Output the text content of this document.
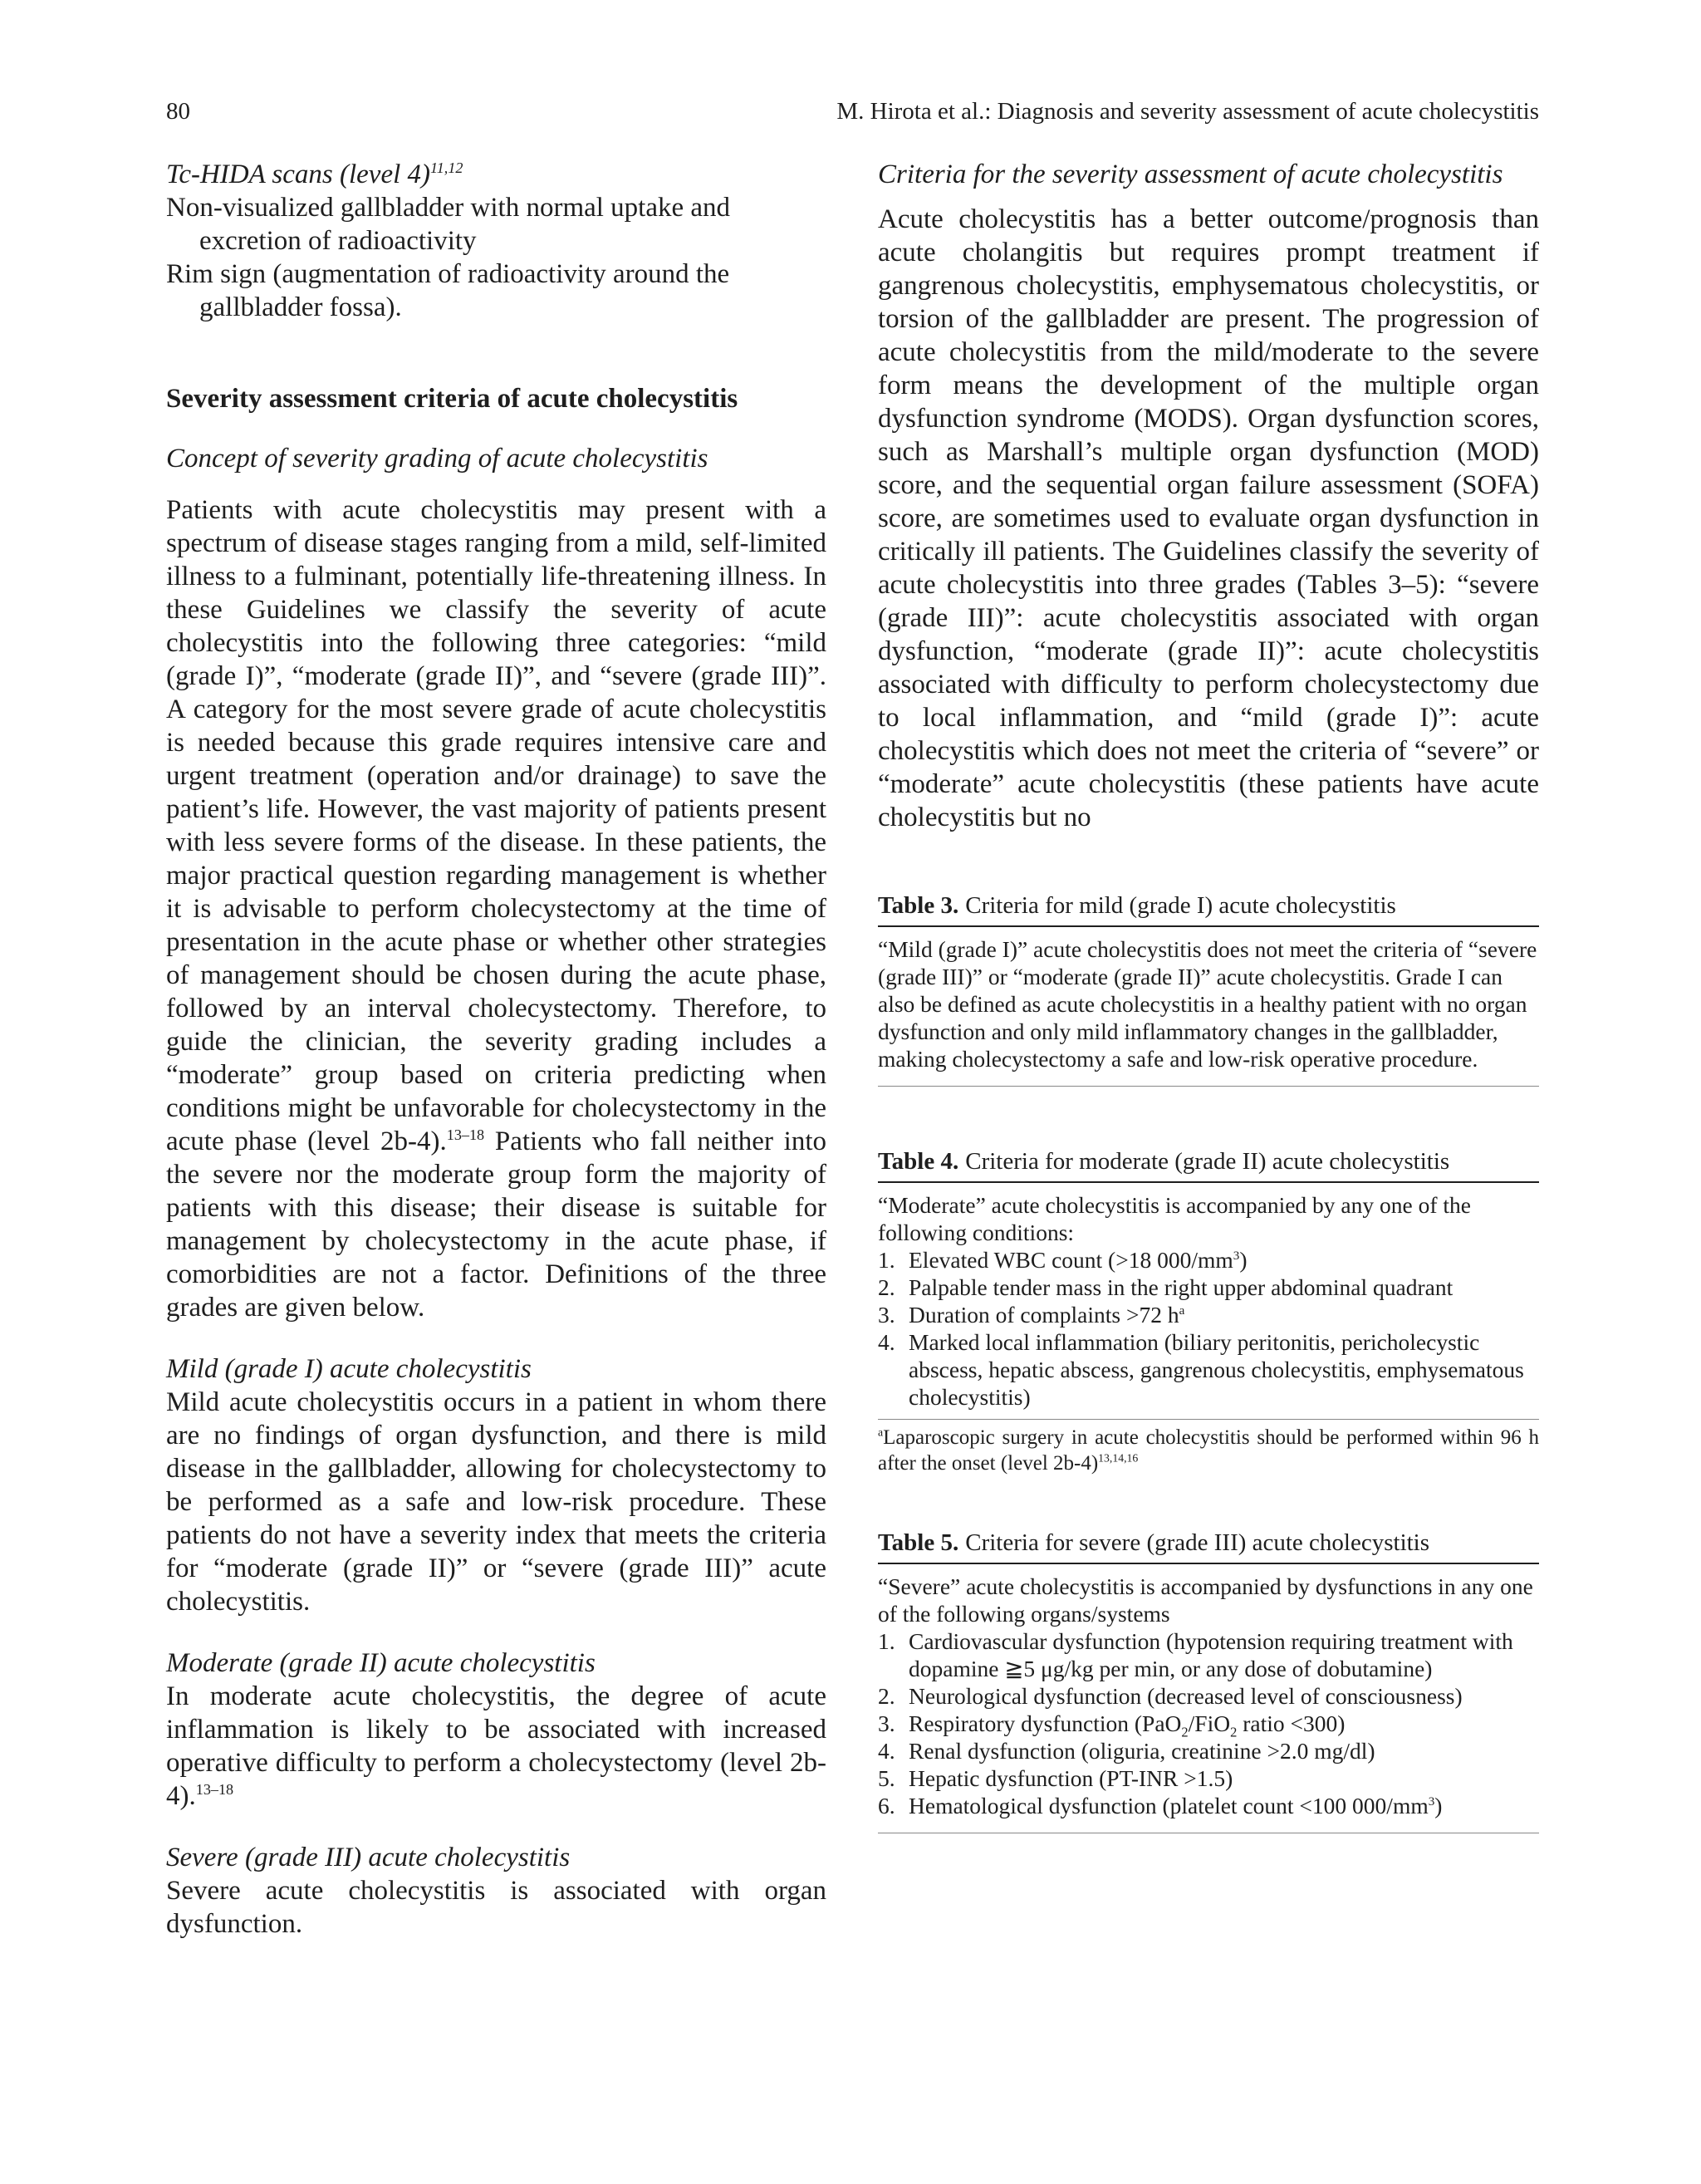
80	M. Hirota et al.: Diagnosis and severity assessment of acute cholecystitis

Tc-HIDA scans (level 4)$^{11,12}$

Non-visualized gallbladder with normal uptake and excretion of radioactivity

Rim sign (augmentation of radioactivity around the gallbladder fossa).

Severity assessment criteria of acute cholecystitis

Concept of severity grading of acute cholecystitis

Patients with acute cholecystitis may present with a spectrum of disease stages ranging from a mild, self-limited illness to a fulminant, potentially life-threatening illness. In these Guidelines we classify the severity of acute cholecystitis into the following three categories: “mild (grade I)”, “moderate (grade II)”, and “severe (grade III)”. A category for the most severe grade of acute cholecystitis is needed because this grade requires intensive care and urgent treatment (operation and/or drainage) to save the patient’s life. However, the vast majority of patients present with less severe forms of the disease. In these patients, the major practical question regarding management is whether it is advisable to perform cholecystectomy at the time of presentation in the acute phase or whether other strategies of management should be chosen during the acute phase, followed by an interval cholecystectomy. Therefore, to guide the clinician, the severity grading includes a “moderate” group based on criteria predicting when conditions might be unfavorable for cholecystectomy in the acute phase (level 2b-4).$^{13-18}$ Patients who fall neither into the severe nor the moderate group form the majority of patients with this disease; their disease is suitable for management by cholecystectomy in the acute phase, if comorbidities are not a factor. Definitions of the three grades are given below.

Mild (grade I) acute cholecystitis

Mild acute cholecystitis occurs in a patient in whom there are no findings of organ dysfunction, and there is mild disease in the gallbladder, allowing for cholecystectomy to be performed as a safe and low-risk procedure. These patients do not have a severity index that meets the criteria for “moderate (grade II)” or “severe (grade III)” acute cholecystitis.

Moderate (grade II) acute cholecystitis

In moderate acute cholecystitis, the degree of acute inflammation is likely to be associated with increased operative difficulty to perform a cholecystectomy (level 2b-4).$^{13-18}$

Severe (grade III) acute cholecystitis

Severe acute cholecystitis is associated with organ dysfunction.

Criteria for the severity assessment of acute cholecystitis

Acute cholecystitis has a better outcome/prognosis than acute cholangitis but requires prompt treatment if gangrenous cholecystitis, emphysematous cholecystitis, or torsion of the gallbladder are present. The progression of acute cholecystitis from the mild/moderate to the severe form means the development of the multiple organ dysfunction syndrome (MODS). Organ dysfunction scores, such as Marshall’s multiple organ dysfunction (MOD) score, and the sequential organ failure assessment (SOFA) score, are sometimes used to evaluate organ dysfunction in critically ill patients. The Guidelines classify the severity of acute cholecystitis into three grades (Tables 3–5): “severe (grade III)”: acute cholecystitis associated with organ dysfunction, “moderate (grade II)”: acute cholecystitis associated with difficulty to perform cholecystectomy due to local inflammation, and “mild (grade I)”: acute cholecystitis which does not meet the criteria of “severe” or “moderate” acute cholecystitis (these patients have acute cholecystitis but no

Table 3. Criteria for mild (grade I) acute cholecystitis

“Mild (grade I)” acute cholecystitis does not meet the criteria of “severe (grade III)” or “moderate (grade II)” acute cholecystitis. Grade I can also be defined as acute cholecystitis in a healthy patient with no organ dysfunction and only mild inflammatory changes in the gallbladder, making cholecystectomy a safe and low-risk operative procedure.

Table 4. Criteria for moderate (grade II) acute cholecystitis

“Moderate” acute cholecystitis is accompanied by any one of the following conditions:

1. Elevated WBC count (>18 $000/mm^3$)
2. Palpable tender mass in the right upper abdominal quadrant
3. Duration of complaints >72 $h^a$
4. Marked local inflammation (biliary peritonitis, pericholecystic abscess, hepatic abscess, gangrenous cholecystitis, emphysematous cholecystitis)

$^a$Laparoscopic surgery in acute cholecystitis should be performed within 96 h after the onset (level 2b-4)$^{13,14,16}$

Table 5. Criteria for severe (grade III) acute cholecystitis

“Severe” acute cholecystitis is accompanied by dysfunctions in any one of the following organs/systems

1. Cardiovascular dysfunction (hypotension requiring treatment with dopamine ≧5 μg/kg per min, or any dose of dobutamine)
2. Neurological dysfunction (decreased level of consciousness)
3. Respiratory dysfunction (PaO$_2$/FiO$_2$ ratio <300)
4. Renal dysfunction (oliguria, creatinine >2.0 mg/dl)
5. Hepatic dysfunction (PT-INR >1.5)
6. Hematological dysfunction (platelet count <100 $000/mm^3$)
